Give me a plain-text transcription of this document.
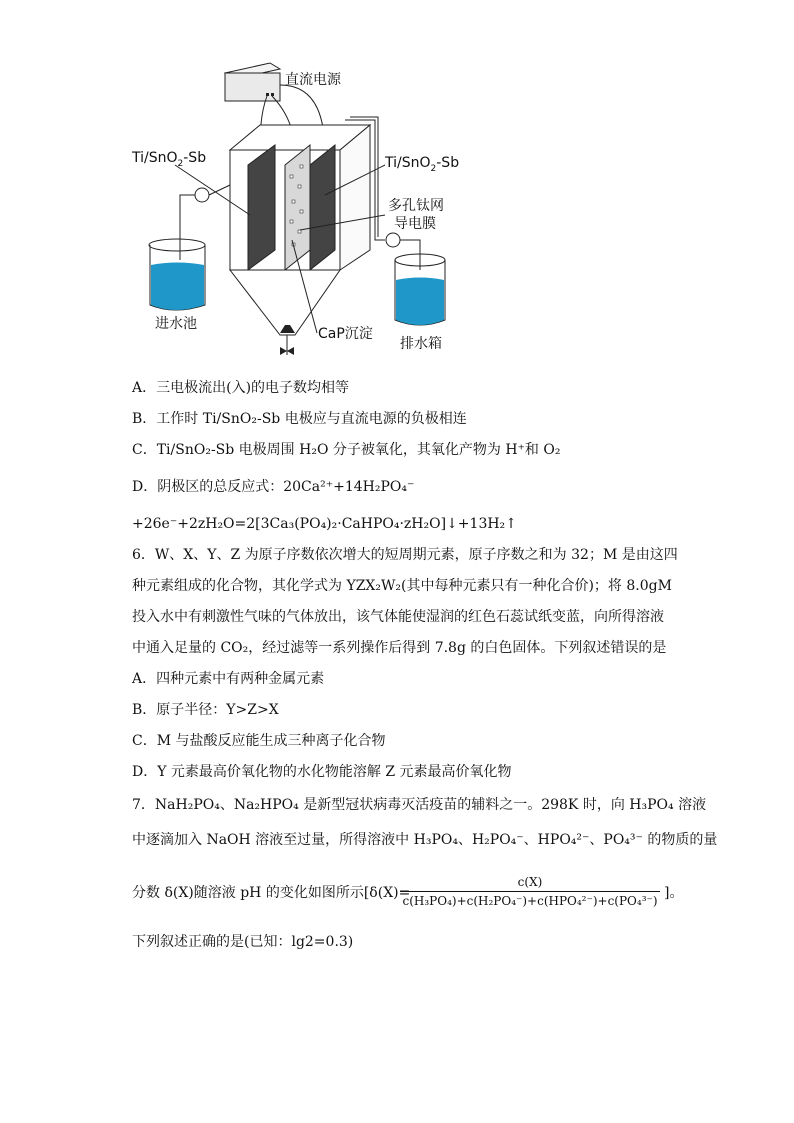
直流电源
Ti/SnO$_2$-Sb	Ti/SnO$_2$-Sb
多孔钛网
导电膜
进水池
排水箱
CaP沉淀
A．三电极流出(入)的电子数均相等
B．工作时 Ti/SnO₂-Sb 电极应与直流电源的负极相连
C．Ti/SnO₂-Sb 电极周围 H₂O 分子被氧化，其氧化产物为 H⁺和 O₂
D．阴极区的总反应式：20Ca²⁺+14H₂PO₄⁻
+26e⁻+2zH₂O=2[3Ca₃(PO₄)₂·CaHPO₄·zH₂O]↓+13H₂↑
6．W、X、Y、Z 为原子序数依次增大的短周期元素，原子序数之和为 32；M 是由这四
种元素组成的化合物，其化学式为 YZX₂W₂(其中每种元素只有一种化合价)；将 8.0gM
投入水中有刺激性气味的气体放出，该气体能使湿润的红色石蕊试纸变蓝，向所得溶液
中通入足量的 CO₂，经过滤等一系列操作后得到 7.8g 的白色固体。下列叙述错误的是
A．四种元素中有两种金属元素
B．原子半径：Y>Z>X
C．M 与盐酸反应能生成三种离子化合物
D．Y 元素最高价氧化物的水化物能溶解 Z 元素最高价氧化物
7．NaH₂PO₄、Na₂HPO₄ 是新型冠状病毒灭活疫苗的辅料之一。298K 时，向 H₃PO₄ 溶液
中逐滴加入 NaOH 溶液至过量，所得溶液中 H₃PO₄、H₂PO₄⁻、HPO₄²⁻、PO₄³⁻ 的物质的量
分数 δ(X)随溶液 pH 的变化如图所示[δ(X)=
c(X)
c(H₃PO₄)+c(H₂PO₄⁻)+c(HPO₄²⁻)+c(PO₄³⁻) ]。
下列叙述正确的是(已知：lg2=0.3)
